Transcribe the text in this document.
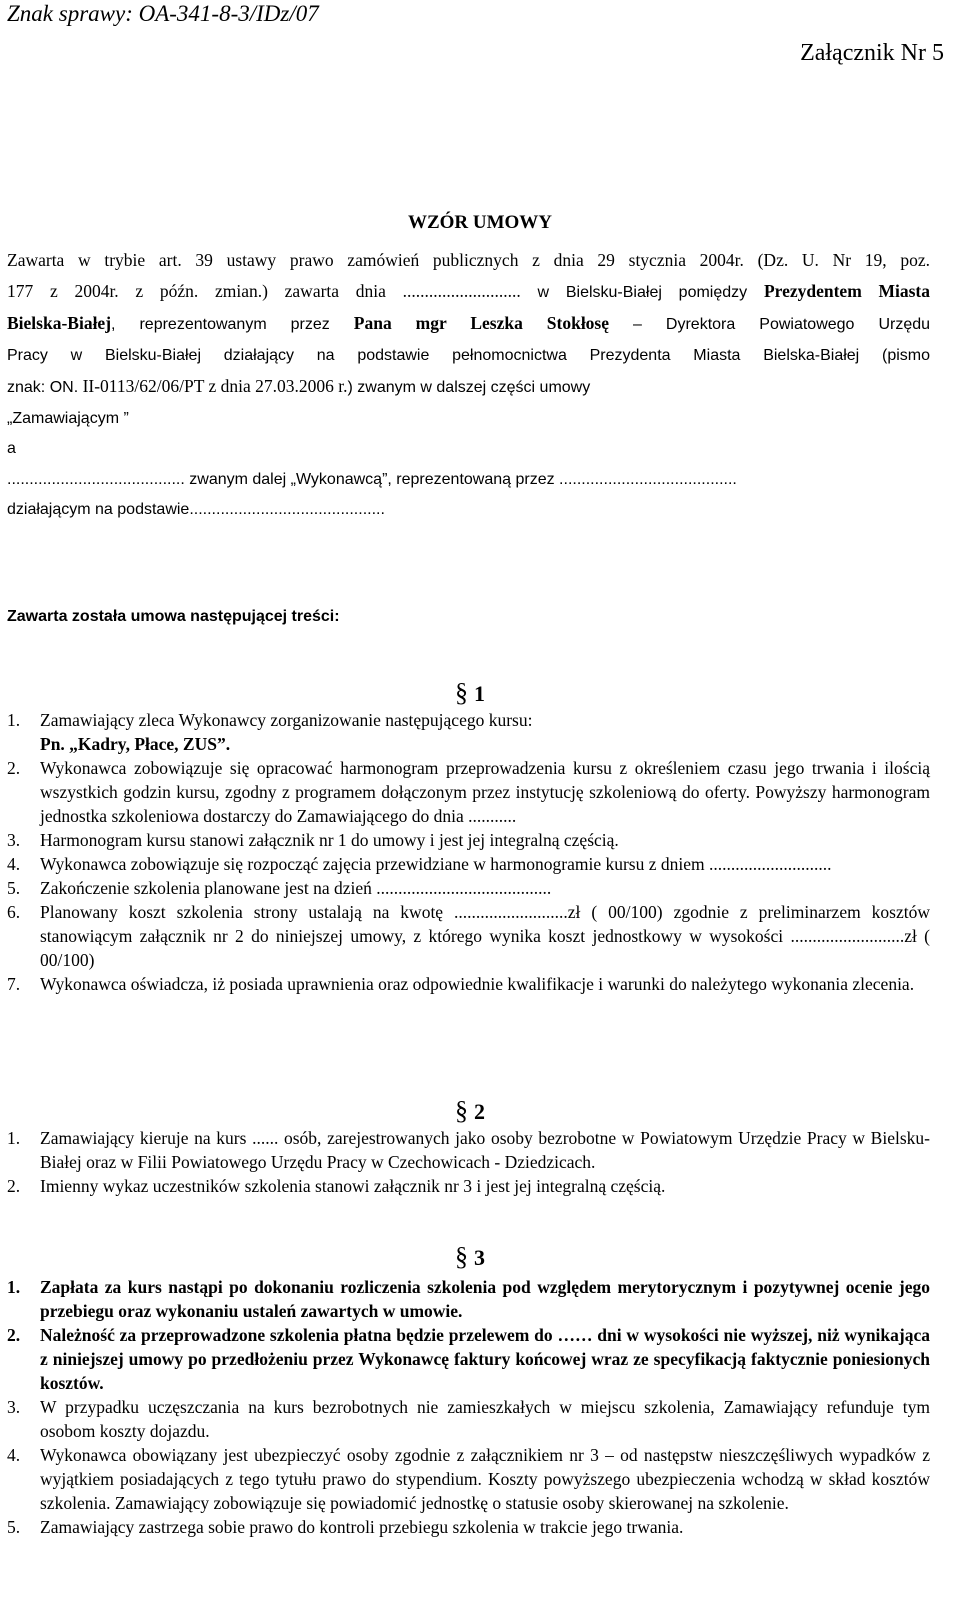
Znak sprawy: OA-341-8-3/IDz/07
Załącznik Nr 5
WZÓR UMOWY
Zawarta w trybie art. 39 ustawy prawo zamówień publicznych z dnia 29 stycznia 2004r. (Dz. U. Nr 19, poz.
177 z 2004r. z późn. zmian.) zawarta dnia ........................... w Bielsku-Białej pomiędzy Prezydentem Miasta
Bielska-Białej, reprezentowanym przez Pana mgr Leszka Stokłosę – Dyrektora Powiatowego Urzędu
Pracy w Bielsku-Białej działający na podstawie pełnomocnictwa Prezydenta Miasta Bielska-Białej (pismo
znak: ON. II-0113/62/06/PT z dnia 27.03.2006 r.) zwanym w dalszej części umowy
„Zamawiającym ”
a
........................................ zwanym dalej „Wykonawcą”, reprezentowaną przez ........................................
działającym na podstawie............................................
Zawarta została umowa następującej treści:
§ 1
1.	Zamawiający zleca Wykonawcy zorganizowanie następującego kursu:
Pn. „Kadry, Płace, ZUS”.
2.	Wykonawca zobowiązuje się opracować harmonogram przeprowadzenia kursu z określeniem czasu jego trwania i ilością wszystkich godzin kursu, zgodny z programem dołączonym przez instytucję szkoleniową do oferty. Powyższy harmonogram jednostka szkoleniowa dostarczy do Zamawiającego do dnia ...........
3.	Harmonogram kursu stanowi załącznik nr 1 do umowy i jest jej integralną częścią.
4.	Wykonawca zobowiązuje się rozpocząć zajęcia przewidziane w harmonogramie kursu z dniem ............................
5.	Zakończenie szkolenia planowane jest na dzień ........................................
6.	Planowany koszt szkolenia strony ustalają na kwotę ..........................zł ( 00/100) zgodnie z preliminarzem kosztów stanowiącym załącznik nr 2 do niniejszej umowy, z którego wynika koszt jednostkowy w wysokości ..........................zł ( 00/100)
7.	Wykonawca oświadcza, iż posiada uprawnienia oraz odpowiednie kwalifikacje i warunki do należytego wykonania zlecenia.
§ 2
1.	Zamawiający kieruje na kurs ...... osób, zarejestrowanych jako osoby bezrobotne w Powiatowym Urzędzie Pracy w Bielsku-Białej oraz w Filii Powiatowego Urzędu Pracy w Czechowicach - Dziedzicach.
2.	Imienny wykaz uczestników szkolenia stanowi załącznik nr 3 i jest jej integralną częścią.
§ 3
1.	Zapłata za kurs nastąpi po dokonaniu rozliczenia szkolenia pod względem merytorycznym i pozytywnej ocenie jego przebiegu oraz wykonaniu ustaleń zawartych w umowie.
2.	Należność za przeprowadzone szkolenia płatna będzie przelewem do …… dni w wysokości nie wyższej, niż wynikająca z niniejszej umowy po przedłożeniu przez Wykonawcę faktury końcowej wraz ze specyfikacją faktycznie poniesionych kosztów.
3.	W przypadku uczęszczania na kurs bezrobotnych nie zamieszkałych w miejscu szkolenia, Zamawiający refunduje tym osobom koszty dojazdu.
4.	Wykonawca obowiązany jest ubezpieczyć osoby zgodnie z załącznikiem nr 3 – od następstw nieszczęśliwych wypadków z wyjątkiem posiadających z tego tytułu prawo do stypendium. Koszty powyższego ubezpieczenia wchodzą w skład kosztów szkolenia. Zamawiający zobowiązuje się powiadomić jednostkę o statusie osoby skierowanej na szkolenie.
5.	Zamawiający zastrzega sobie prawo do kontroli przebiegu szkolenia w trakcie jego trwania.
